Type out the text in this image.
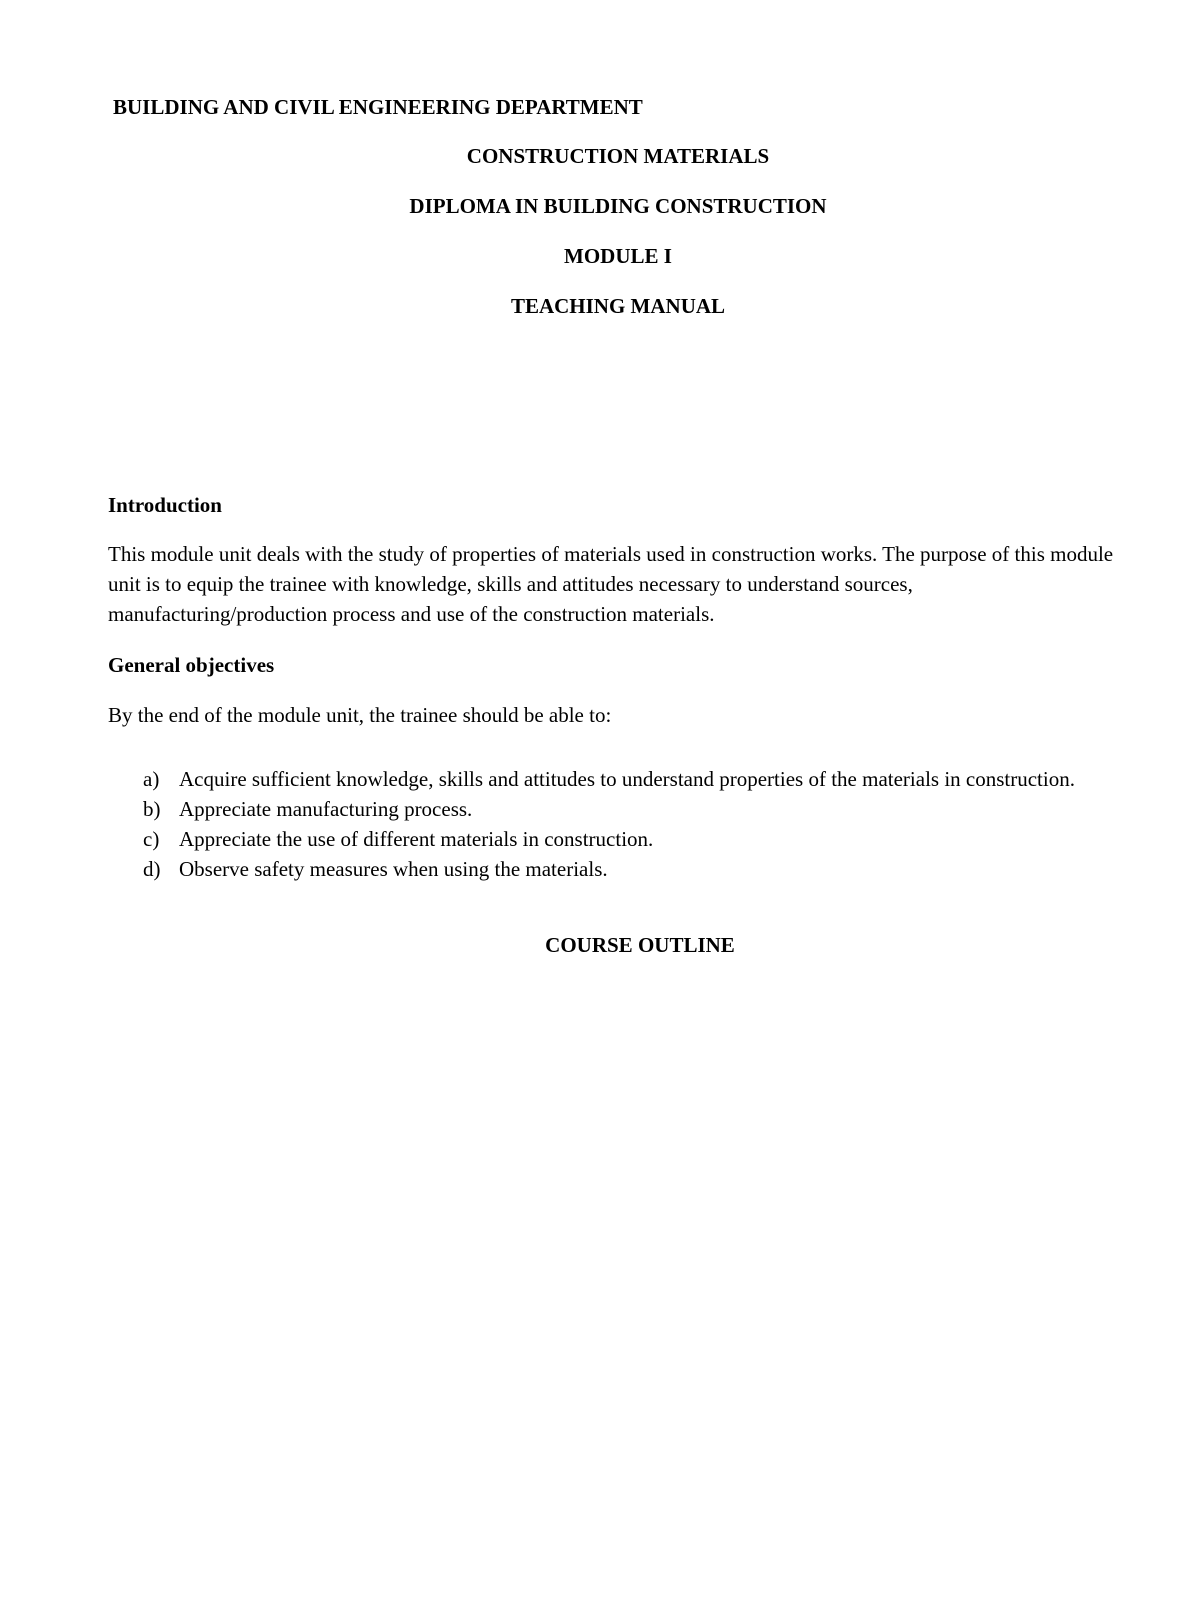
BUILDING AND CIVIL ENGINEERING DEPARTMENT
CONSTRUCTION MATERIALS
DIPLOMA IN BUILDING CONSTRUCTION
MODULE I
TEACHING MANUAL
Introduction
This module unit deals with the study of properties of materials used in construction works. The purpose of this module unit is to equip the trainee with knowledge, skills and attitudes necessary to understand sources, manufacturing/production process and use of the construction materials.
General objectives
By the end of the module unit, the trainee should be able to:
a) Acquire sufficient knowledge, skills and attitudes to understand properties of the materials in construction.
b) Appreciate manufacturing process.
c) Appreciate the use of different materials in construction.
d) Observe safety measures when using the materials.
COURSE OUTLINE
